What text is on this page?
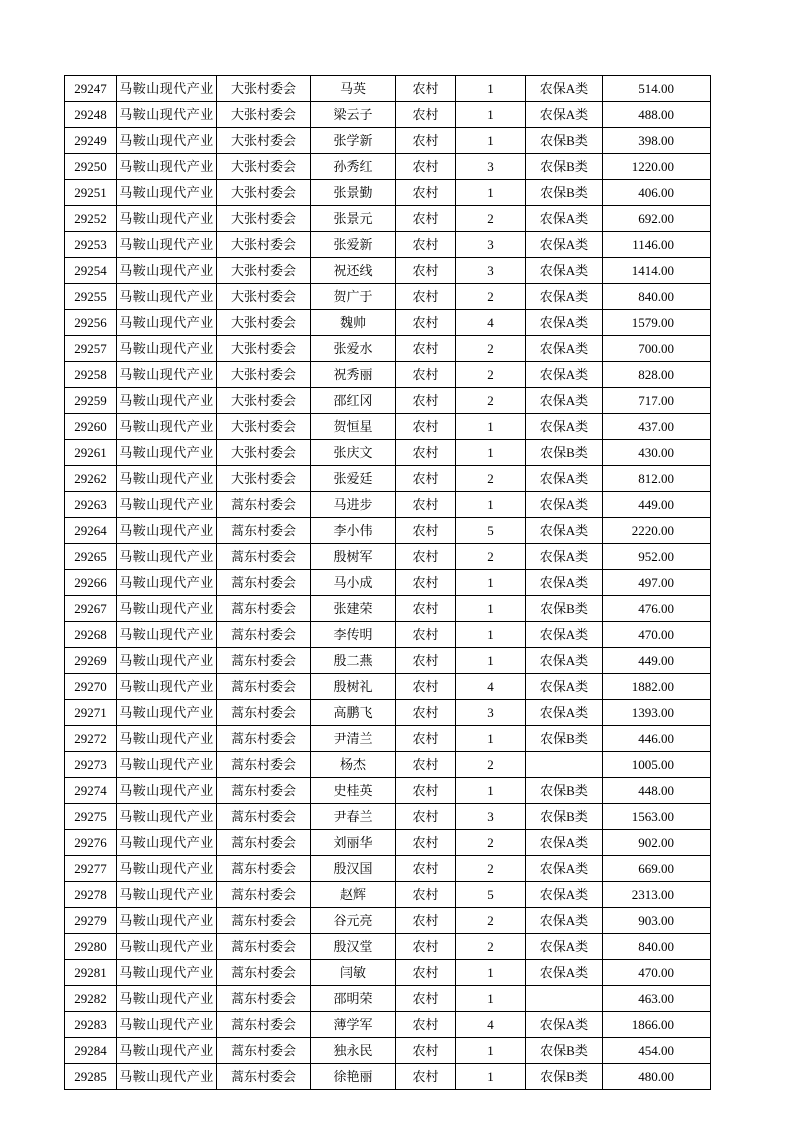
29247	马鞍山现代产业	大张村委会	马英	农村	1	农保A类	514.00
29248	马鞍山现代产业	大张村委会	梁云子	农村	1	农保A类	488.00
29249	马鞍山现代产业	大张村委会	张学新	农村	1	农保B类	398.00
29250	马鞍山现代产业	大张村委会	孙秀红	农村	3	农保B类	1220.00
29251	马鞍山现代产业	大张村委会	张景勤	农村	1	农保B类	406.00
29252	马鞍山现代产业	大张村委会	张景元	农村	2	农保A类	692.00
29253	马鞍山现代产业	大张村委会	张爱新	农村	3	农保A类	1146.00
29254	马鞍山现代产业	大张村委会	祝还线	农村	3	农保A类	1414.00
29255	马鞍山现代产业	大张村委会	贺广于	农村	2	农保A类	840.00
29256	马鞍山现代产业	大张村委会	魏帅	农村	4	农保A类	1579.00
29257	马鞍山现代产业	大张村委会	张爱水	农村	2	农保A类	700.00
29258	马鞍山现代产业	大张村委会	祝秀丽	农村	2	农保A类	828.00
29259	马鞍山现代产业	大张村委会	邵红冈	农村	2	农保A类	717.00
29260	马鞍山现代产业	大张村委会	贺恒星	农村	1	农保A类	437.00
29261	马鞍山现代产业	大张村委会	张庆文	农村	1	农保B类	430.00
29262	马鞍山现代产业	大张村委会	张爱廷	农村	2	农保A类	812.00
29263	马鞍山现代产业	蒿东村委会	马进步	农村	1	农保A类	449.00
29264	马鞍山现代产业	蒿东村委会	李小伟	农村	5	农保A类	2220.00
29265	马鞍山现代产业	蒿东村委会	殷树军	农村	2	农保A类	952.00
29266	马鞍山现代产业	蒿东村委会	马小成	农村	1	农保A类	497.00
29267	马鞍山现代产业	蒿东村委会	张建荣	农村	1	农保B类	476.00
29268	马鞍山现代产业	蒿东村委会	李传明	农村	1	农保A类	470.00
29269	马鞍山现代产业	蒿东村委会	殷二燕	农村	1	农保A类	449.00
29270	马鞍山现代产业	蒿东村委会	殷树礼	农村	4	农保A类	1882.00
29271	马鞍山现代产业	蒿东村委会	高鹏飞	农村	3	农保A类	1393.00
29272	马鞍山现代产业	蒿东村委会	尹清兰	农村	1	农保B类	446.00
29273	马鞍山现代产业	蒿东村委会	杨杰	农村	2		1005.00
29274	马鞍山现代产业	蒿东村委会	史桂英	农村	1	农保B类	448.00
29275	马鞍山现代产业	蒿东村委会	尹春兰	农村	3	农保B类	1563.00
29276	马鞍山现代产业	蒿东村委会	刘丽华	农村	2	农保A类	902.00
29277	马鞍山现代产业	蒿东村委会	殷汉国	农村	2	农保A类	669.00
29278	马鞍山现代产业	蒿东村委会	赵辉	农村	5	农保A类	2313.00
29279	马鞍山现代产业	蒿东村委会	谷元亮	农村	2	农保A类	903.00
29280	马鞍山现代产业	蒿东村委会	殷汉堂	农村	2	农保A类	840.00
29281	马鞍山现代产业	蒿东村委会	闫敏	农村	1	农保A类	470.00
29282	马鞍山现代产业	蒿东村委会	邵明荣	农村	1		463.00
29283	马鞍山现代产业	蒿东村委会	薄学军	农村	4	农保A类	1866.00
29284	马鞍山现代产业	蒿东村委会	独永民	农村	1	农保B类	454.00
29285	马鞍山现代产业	蒿东村委会	徐艳丽	农村	1	农保B类	480.00
